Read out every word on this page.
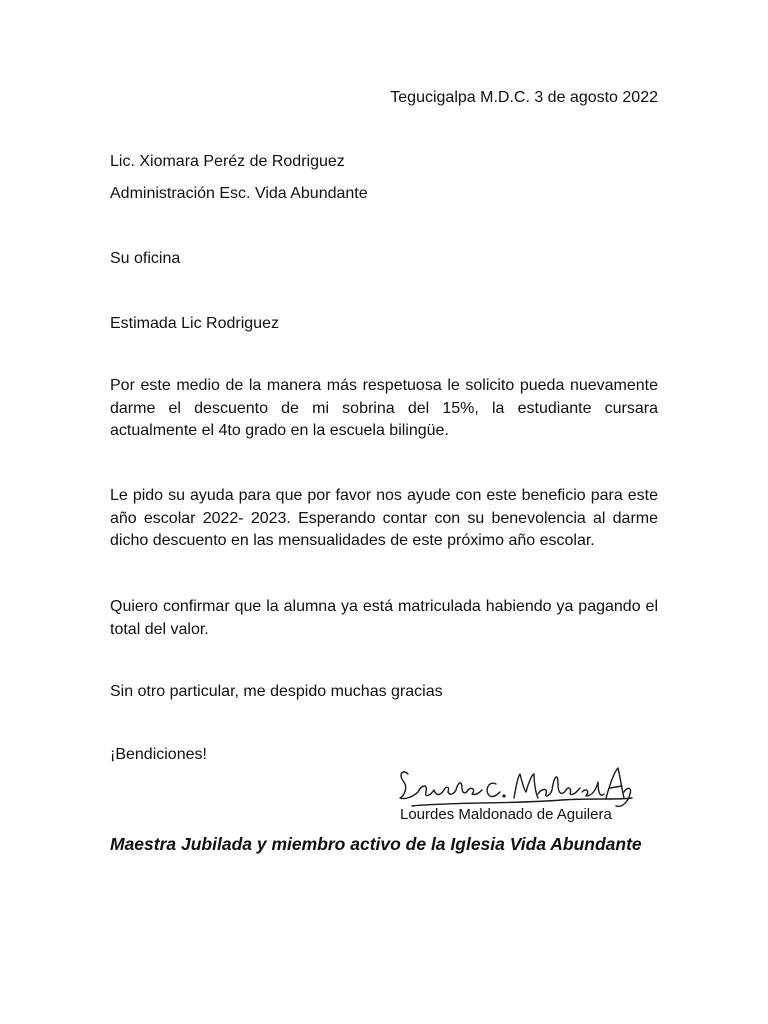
Tegucigalpa M.D.C. 3 de agosto 2022
Lic. Xiomara Peréz de Rodriguez
Administración Esc. Vida Abundante
Su oficina
Estimada Lic Rodriguez
Por este medio de la manera más respetuosa le solicito pueda nuevamente darme el descuento de mi sobrina del 15%, la estudiante cursara actualmente el 4to grado en la escuela bilingüe.
Le pido su ayuda para que por favor nos ayude con este beneficio para este año escolar 2022- 2023. Esperando contar con su benevolencia al darme dicho descuento en las mensualidades de este próximo año escolar.
Quiero confirmar que la alumna ya está matriculada habiendo ya pagando el total del valor.
Sin otro particular, me despido muchas gracias
¡Bendiciones!
Lourdes Maldonado de Aguilera
Maestra Jubilada y miembro activo de la Iglesia Vida Abundante
